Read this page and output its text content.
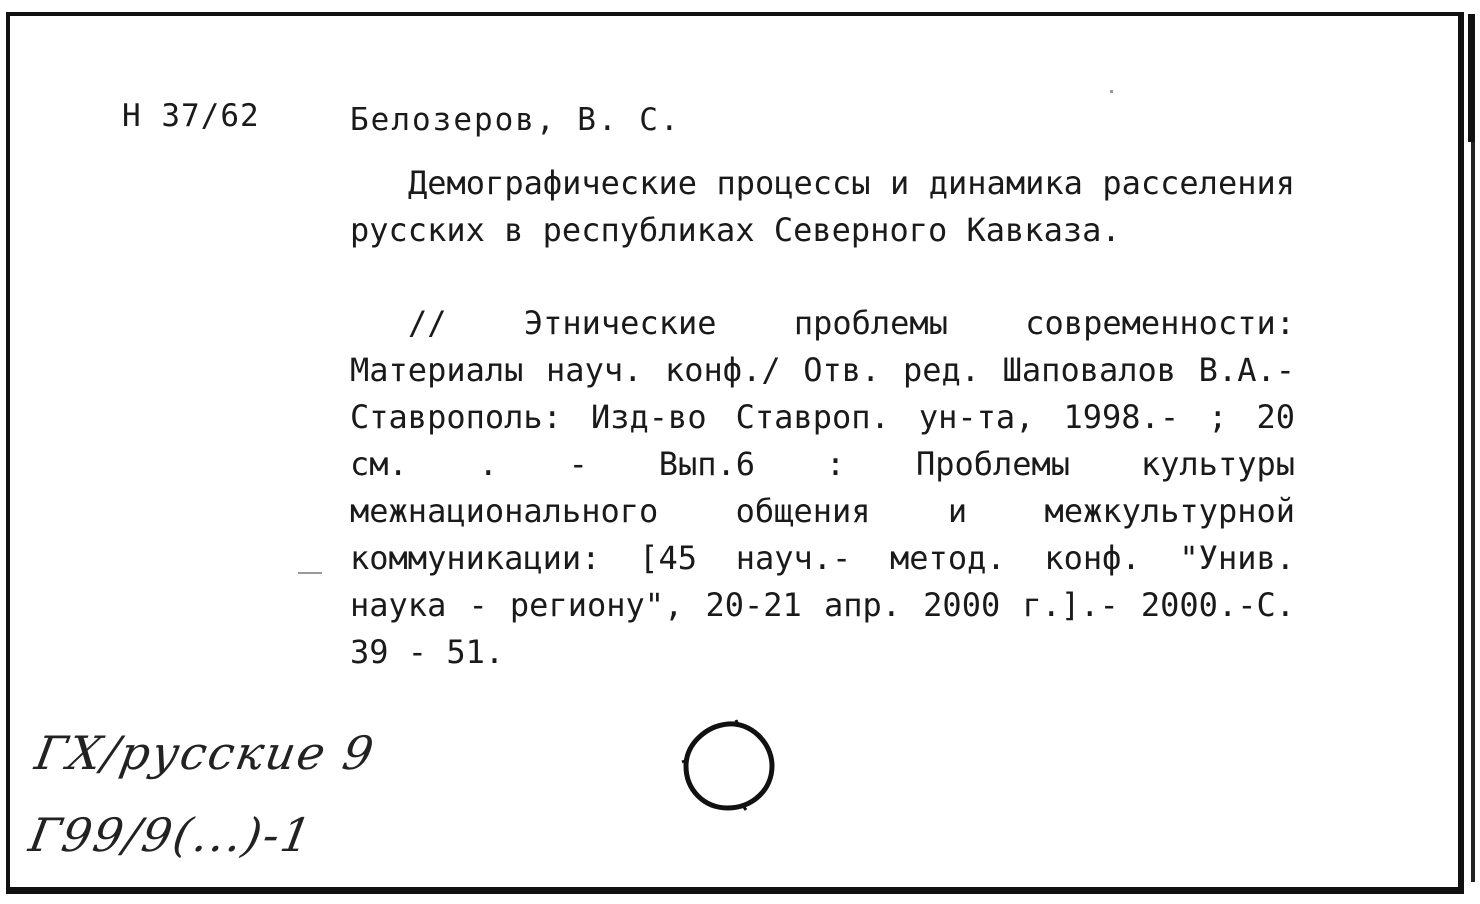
Н 37/62	Белозеров, В. С.
Демографические процессы и динамика расселения русских в республиках Северного Кавказа.
// Этнические проблемы современности: Материалы науч. конф./ Отв. ред. Шаповалов В.А.- Ставрополь: Изд-во Ставроп. ун-та, 1998.- ; 20 см. . - Вып.6 : Проблемы культуры межнационального общения и межкультурной коммуникации: [45 науч.- метод. конф. "Унив. наука - региону", 20-21 апр. 2000 г.].- 2000.-С. 39 - 51.
ГХ/русские 9
Г99/9(...)-1
